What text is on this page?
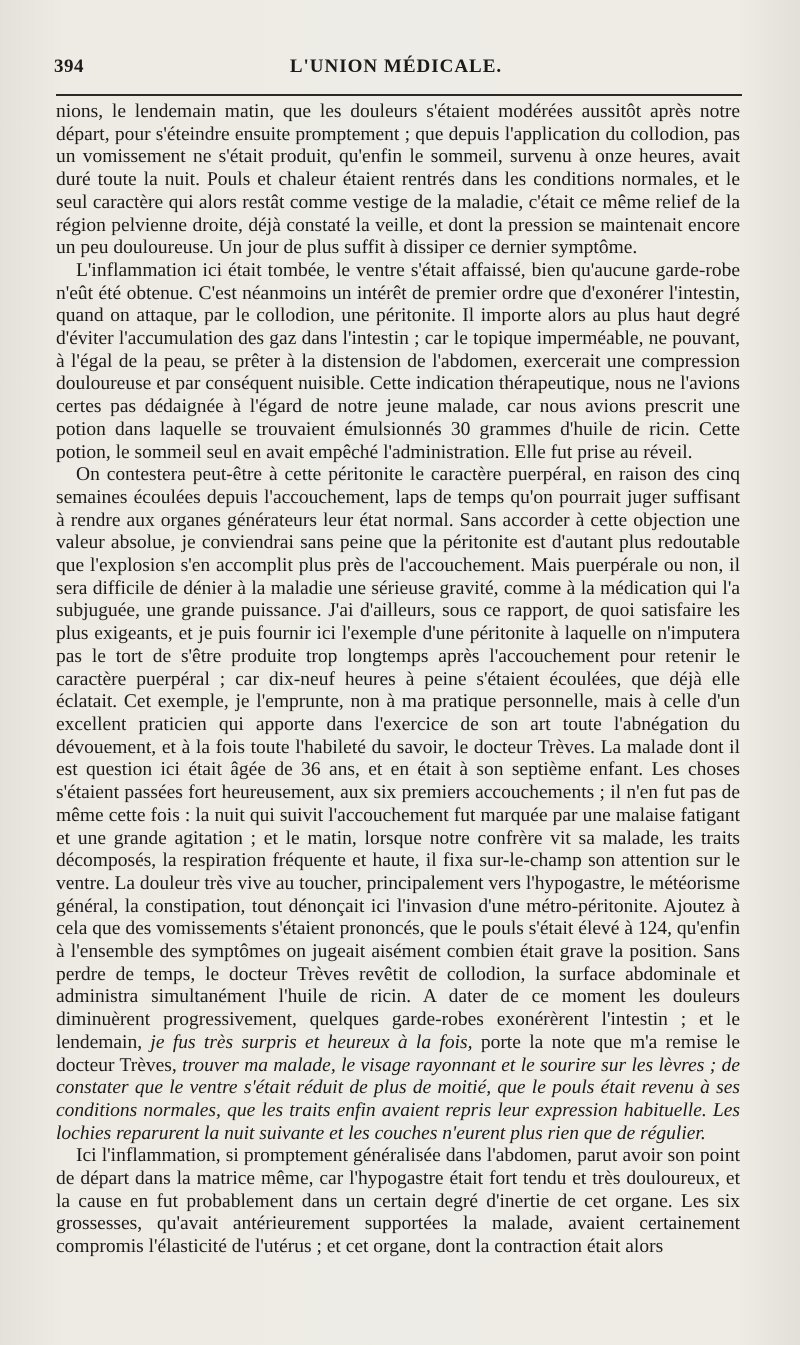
394	L'UNION MÉDICALE.

nions, le lendemain matin, que les douleurs s'étaient modérées aussitôt après notre départ, pour s'éteindre ensuite promptement ; que depuis l'application du collodion, pas un vomissement ne s'était produit, qu'enfin le sommeil, survenu à onze heures, avait duré toute la nuit. Pouls et chaleur étaient rentrés dans les conditions normales, et le seul caractère qui alors restât comme vestige de la maladie, c'était ce même relief de la région pelvienne droite, déjà constaté la veille, et dont la pression se maintenait encore un peu douloureuse. Un jour de plus suffit à dissiper ce dernier symptôme.

L'inflammation ici était tombée, le ventre s'était affaissé, bien qu'aucune garde-robe n'eût été obtenue. C'est néanmoins un intérêt de premier ordre que d'exonérer l'intestin, quand on attaque, par le collodion, une péritonite. Il importe alors au plus haut degré d'éviter l'accumulation des gaz dans l'intestin ; car le topique imperméable, ne pouvant, à l'égal de la peau, se prêter à la distension de l'abdomen, exercerait une compression douloureuse et par conséquent nuisible. Cette indication thérapeutique, nous ne l'avions certes pas dédaignée à l'égard de notre jeune malade, car nous avions prescrit une potion dans laquelle se trouvaient émulsionnés 30 grammes d'huile de ricin. Cette potion, le sommeil seul en avait empêché l'administration. Elle fut prise au réveil.

On contestera peut-être à cette péritonite le caractère puerpéral, en raison des cinq semaines écoulées depuis l'accouchement, laps de temps qu'on pourrait juger suffisant à rendre aux organes générateurs leur état normal. Sans accorder à cette objection une valeur absolue, je conviendrai sans peine que la péritonite est d'autant plus redoutable que l'explosion s'en accomplit plus près de l'accouchement. Mais puerpérale ou non, il sera difficile de dénier à la maladie une sérieuse gravité, comme à la médication qui l'a subjuguée, une grande puissance. J'ai d'ailleurs, sous ce rapport, de quoi satisfaire les plus exigeants, et je puis fournir ici l'exemple d'une péritonite à laquelle on n'imputera pas le tort de s'être produite trop longtemps après l'accouchement pour retenir le caractère puerpéral ; car dix-neuf heures à peine s'étaient écoulées, que déjà elle éclatait. Cet exemple, je l'emprunte, non à ma pratique personnelle, mais à celle d'un excellent praticien qui apporte dans l'exercice de son art toute l'abnégation du dévouement, et à la fois toute l'habileté du savoir, le docteur Trèves. La malade dont il est question ici était âgée de 36 ans, et en était à son septième enfant. Les choses s'étaient passées fort heureusement, aux six premiers accouchements ; il n'en fut pas de même cette fois : la nuit qui suivit l'accouchement fut marquée par une malaise fatigant et une grande agitation ; et le matin, lorsque notre confrère vit sa malade, les traits décomposés, la respiration fréquente et haute, il fixa sur-le-champ son attention sur le ventre. La douleur très vive au toucher, principalement vers l'hypogastre, le météorisme général, la constipation, tout dénonçait ici l'invasion d'une métro-péritonite. Ajoutez à cela que des vomissements s'étaient prononcés, que le pouls s'était élevé à 124, qu'enfin à l'ensemble des symptômes on jugeait aisément combien était grave la position. Sans perdre de temps, le docteur Trèves revêtit de collodion, la surface abdominale et administra simultanément l'huile de ricin. A dater de ce moment les douleurs diminuèrent progressivement, quelques garde-robes exonérèrent l'intestin ; et le lendemain, je fus très surpris et heureux à la fois, porte la note que m'a remise le docteur Trèves, trouver ma malade, le visage rayonnant et le sourire sur les lèvres ; de constater que le ventre s'était réduit de plus de moitié, que le pouls était revenu à ses conditions normales, que les traits enfin avaient repris leur expression habituelle. Les lochies reparurent la nuit suivante et les couches n'eurent plus rien que de régulier.

Ici l'inflammation, si promptement généralisée dans l'abdomen, parut avoir son point de départ dans la matrice même, car l'hypogastre était fort tendu et très douloureux, et la cause en fut probablement dans un certain degré d'inertie de cet organe. Les six grossesses, qu'avait antérieurement supportées la malade, avaient certainement compromis l'élasticité de l'utérus ; et cet organe, dont la contraction était alors
